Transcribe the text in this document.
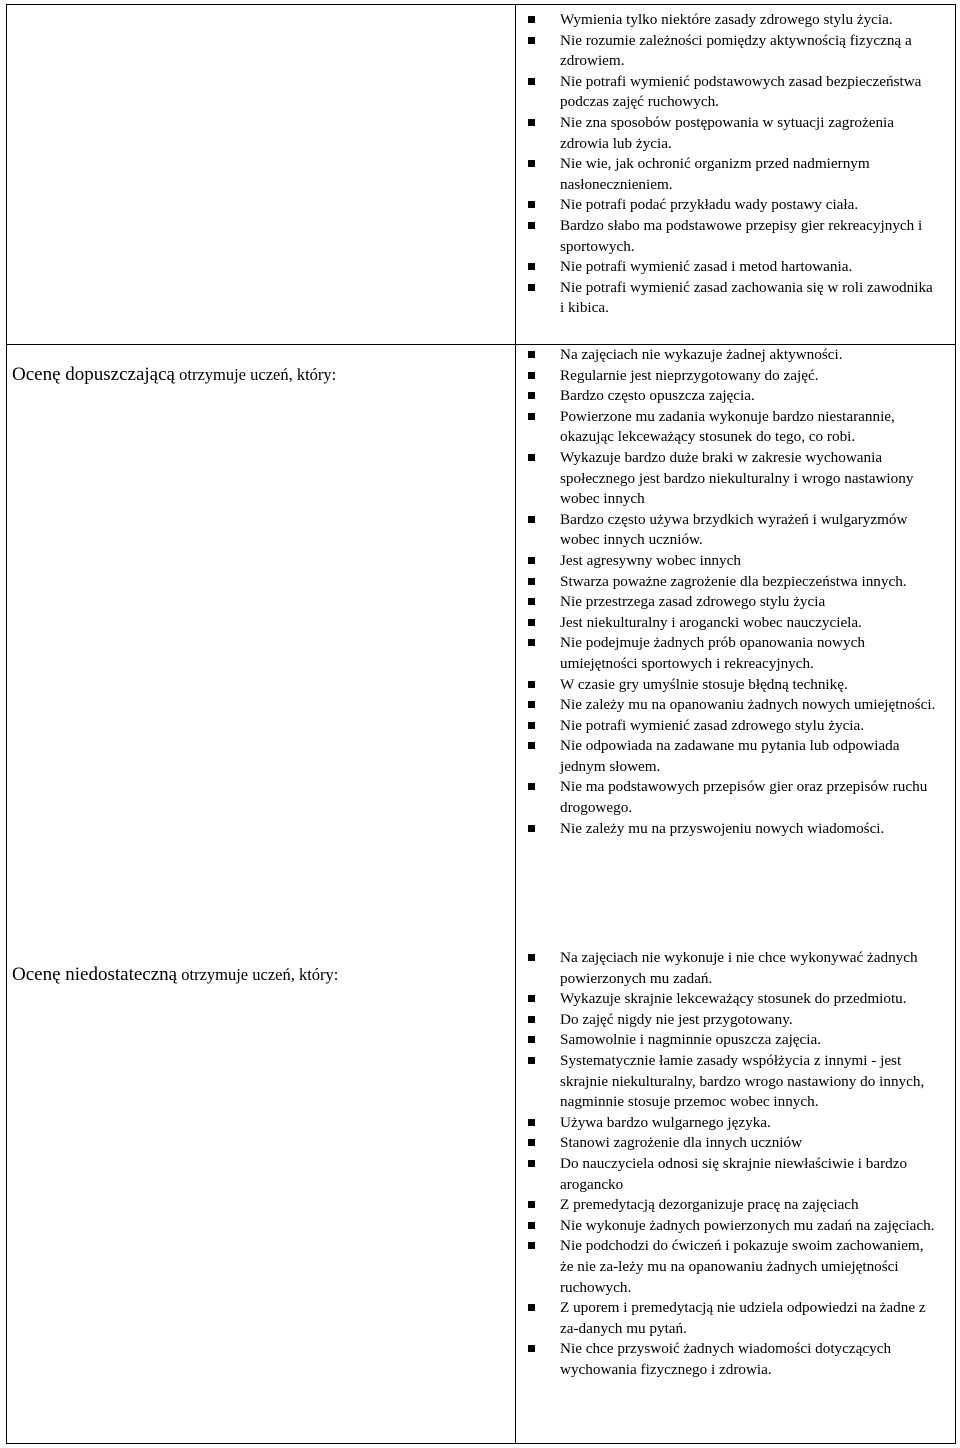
Wymienia tylko niektóre zasady zdrowego stylu życia.
Nie rozumie zależności pomiędzy aktywnością fizyczną a zdrowiem.
Nie potrafi wymienić podstawowych zasad bezpieczeństwa podczas zajęć ruchowych.
Nie zna sposobów postępowania w sytuacji zagrożenia zdrowia lub życia.
Nie wie, jak ochronić organizm przed nadmiernym nasłonecznieniem.
Nie potrafi podać przykładu wady postawy ciała.
Bardzo słabo ma podstawowe przepisy gier rekreacyjnych i sportowych.
Nie potrafi wymienić zasad i metod hartowania.
Nie potrafi wymienić zasad zachowania się w roli zawodnika i kibica.
Ocenę dopuszczającą otrzymuje uczeń, który:
Na zajęciach nie wykazuje żadnej aktywności.
Regularnie jest nieprzygotowany do zajęć.
Bardzo często opuszcza zajęcia.
Powierzone mu zadania wykonuje bardzo niestarannie, okazując lekceważący stosunek do tego, co robi.
Wykazuje bardzo duże braki w zakresie wychowania społecznego jest bardzo niekulturalny i wrogo nastawiony wobec innych
Bardzo często używa brzydkich wyrażeń i wulgaryzmów wobec innych uczniów.
Jest agresywny wobec innych
Stwarza poważne zagrożenie dla bezpieczeństwa innych.
Nie przestrzega zasad zdrowego stylu życia
Jest niekulturalny i arogancki wobec nauczyciela.
Nie podejmuje żadnych prób opanowania nowych umiejętności sportowych i rekreacyjnych.
W czasie gry umyślnie stosuje błędną technikę.
Nie zależy mu na opanowaniu żadnych nowych umiejętności.
Nie potrafi wymienić zasad zdrowego stylu życia.
Nie odpowiada na zadawane mu pytania lub odpowiada jednym słowem.
Nie ma podstawowych przepisów gier oraz przepisów ruchu drogowego.
Nie zależy mu na przyswojeniu nowych wiadomości.
Ocenę niedostateczną otrzymuje uczeń, który:
Na zajęciach nie wykonuje i nie chce wykonywać żadnych powierzonych mu zadań.
Wykazuje skrajnie lekceważący stosunek do przedmiotu.
Do zajęć nigdy nie jest przygotowany.
Samowolnie i nagminnie opuszcza zajęcia.
Systematycznie łamie zasady współżycia z innymi - jest skrajnie niekulturalny, bardzo wrogo nastawiony do innych, nagminnie stosuje przemoc wobec innych.
Używa bardzo wulgarnego języka.
Stanowi zagrożenie dla innych uczniów
Do nauczyciela odnosi się skrajnie niewłaściwie i bardzo arogancko
Z premedytacją dezorganizuje pracę na zajęciach
Nie wykonuje żadnych powierzonych mu zadań na zajęciach.
Nie podchodzi do ćwiczeń i pokazuje swoim zachowaniem, że nie za-leży mu na opanowaniu żadnych umiejętności ruchowych.
Z uporem i premedytacją nie udziela odpowiedzi na żadne z za-danych mu pytań.
Nie chce przyswoić żadnych wiadomości dotyczących wychowania fizycznego i zdrowia.
